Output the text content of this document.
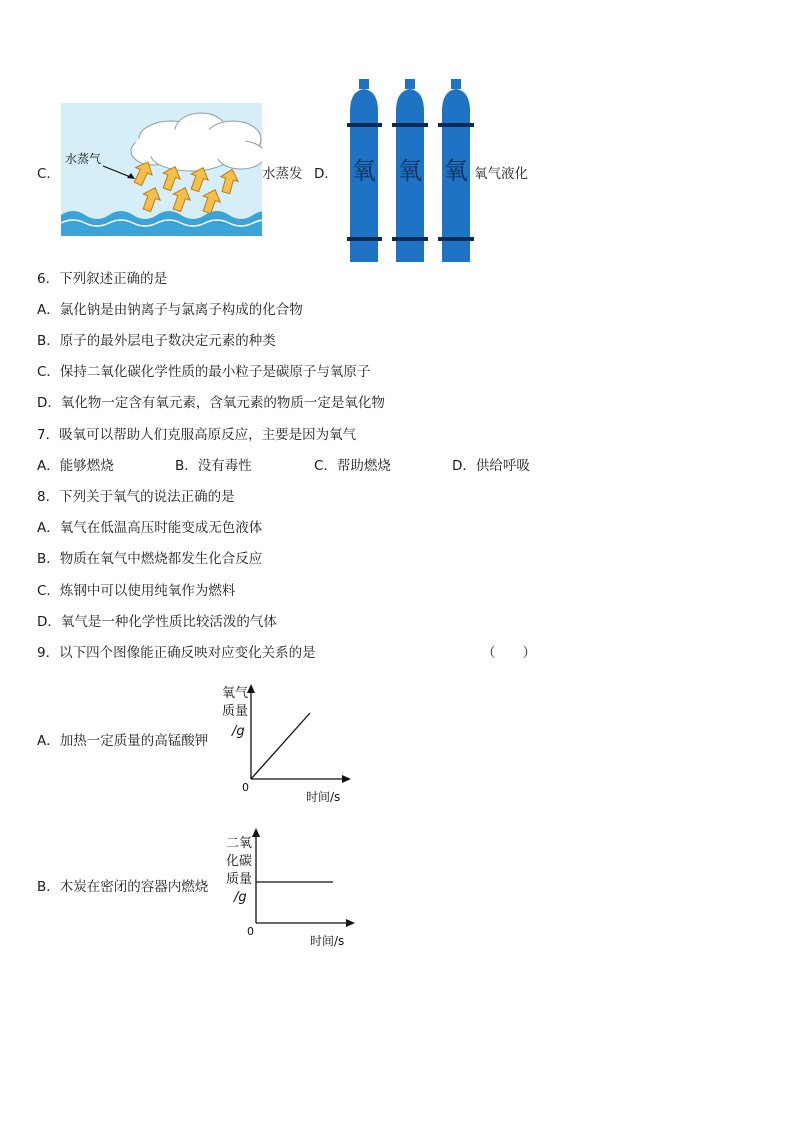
C．
水蒸气
水蒸发 D． 氧 氧 氧 氧气液化
6．下列叙述正确的是
A．氯化钠是由钠离子与氯离子构成的化合物
B．原子的最外层电子数决定元素的种类
C．保持二氧化碳化学性质的最小粒子是碳原子与氧原子
D．氧化物一定含有氧元素，含氧元素的物质一定是氧化物
7．吸氧可以帮助人们克服高原反应，主要是因为氧气
A．能够燃烧	B．没有毒性	C．帮助燃烧	D．供给呼吸
8．下列关于氧气的说法正确的是
A．氧气在低温高压时能变成无色液体
B．物质在氧气中燃烧都发生化合反应
C．炼钢中可以使用纯氧作为燃料
D．氧气是一种化学性质比较活泼的气体
9．以下四个图像能正确反映对应变化关系的是	（　　）
A．加热一定质量的高锰酸钾
氧气
质量
/g
0
时间/s
B．木炭在密闭的容器内燃烧
二氧
化碳
质量
/g
0
时间/s
